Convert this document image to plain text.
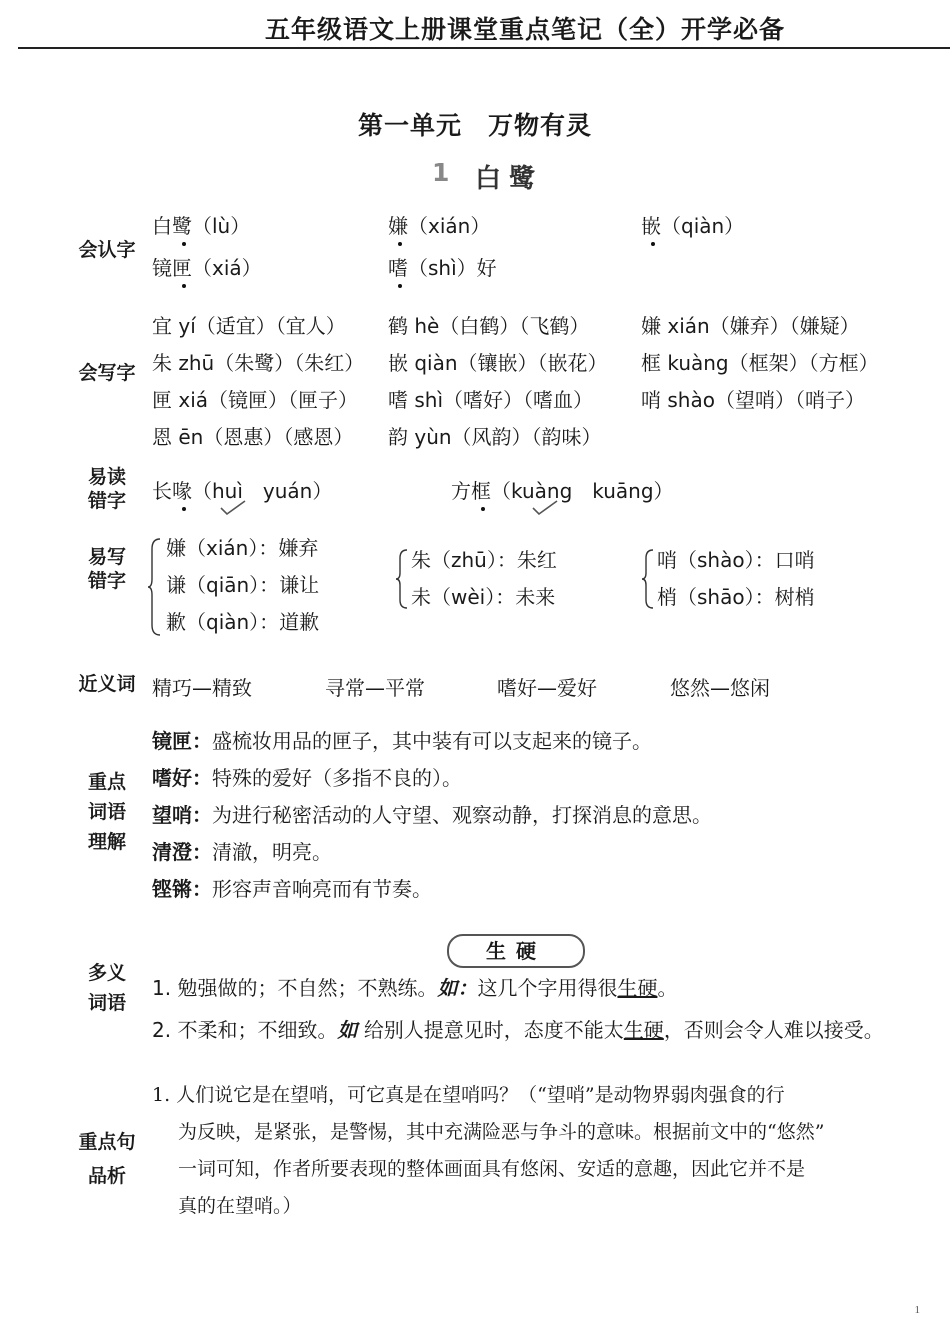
五年级语文上册课堂重点笔记（全）开学必备
第一单元　万物有灵
1 白鹭
会认字
白鹭（lù）	嫌（xián）	嵌（qiàn）
镜匣（xiá）	嗜（shì）好
会写字
宜 yí（适宜）（宜人） 鹤 hè（白鹤）（飞鹤）	嫌 xián（嫌弃）（嫌疑）
朱 zhū（朱鹭）（朱红） 嵌 qiàn（镶嵌）（嵌花） 框 kuàng（框架）（方框）
匣 xiá（镜匣）（匣子） 嗜 shì（嗜好）（嗜血） 哨 shào（望哨）（哨子）
恩 ēn（恩惠）（感恩） 韵 yùn（风韵）（韵味）
易读
错字	长喙（huì　yuán）	方框（kuàng　kuāng）
易写
错字
嫌（xián）：嫌弃
谦（qiān）：谦让
歉（qiàn）：道歉
朱（zhū）：朱红
未（wèi）：未来
哨（shào）：口哨
梢（shāo）：树梢
近义词 精巧—精致	寻常—平常	嗜好—爱好	悠然—悠闲
重点
词语
理解
镜匣：盛梳妆用品的匣子，其中装有可以支起来的镜子。
嗜好：特殊的爱好（多指不良的）。
望哨：为进行秘密活动的人守望、观察动静，打探消息的意思。
清澄：清澈，明亮。
铿锵：形容声音响亮而有节奏。
多义
词语
生硬
1. 勉强做的；不自然；不熟练。如：这几个字用得很生硬。
2. 不柔和；不细致。如 给别人提意见时，态度不能太生硬，否则会令人难以接受。
重点句
品析
1. 人们说它是在望哨，可它真是在望哨吗？（“望哨”是动物界弱肉强食的行
为反映，是紧张，是警惕，其中充满险恶与争斗的意味。根据前文中的“悠然”
一词可知，作者所要表现的整体画面具有悠闲、安适的意趣，因此它并不是
真的在望哨。）
1
